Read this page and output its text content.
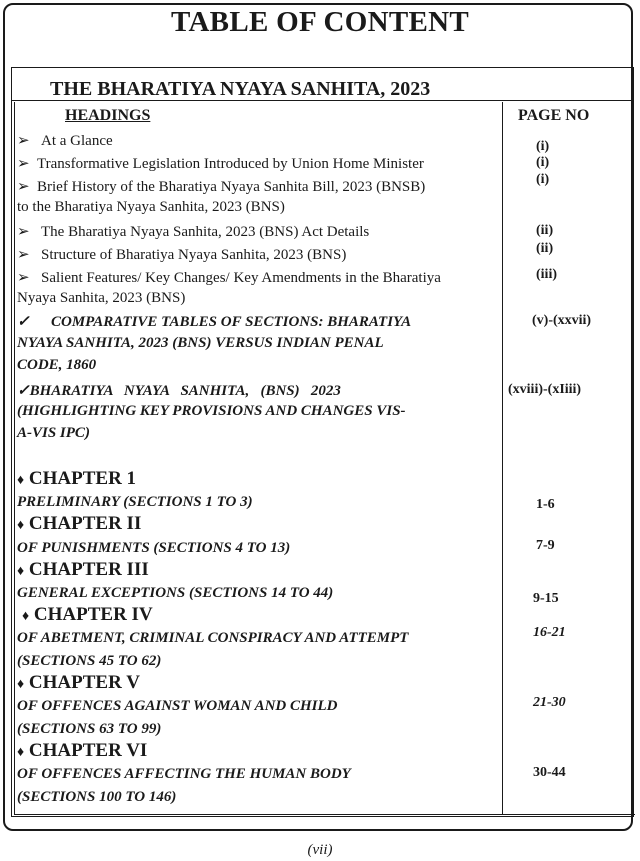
TABLE OF CONTENT
THE BHARATIYA NYAYA SANHITA, 2023
HEADINGS	PAGE NO
➢ At a Glance	(i)
➢ Transformative Legislation Introduced by Union Home Minister	(i)
➢ Brief History of the Bharatiya Nyaya Sanhita Bill, 2023 (BNSB)	(i)
to the Bharatiya Nyaya Sanhita, 2023 (BNS)
➢ The Bharatiya Nyaya Sanhita, 2023 (BNS) Act Details	(ii)
➢ Structure of Bharatiya Nyaya Sanhita, 2023 (BNS)	(ii)
➢ Salient Features/ Key Changes/ Key Amendments in the Bharatiya	(iii)
Nyaya Sanhita, 2023 (BNS)
✓ COMPARATIVE TABLES OF SECTIONS: BHARATIYA
NYAYA SANHITA, 2023 (BNS) VERSUS INDIAN PENAL
CODE, 1860
(v)-(xxvii)
✓BHARATIYA   NYAYA   SANHITA,   (BNS)   2023
(HIGHLIGHTING KEY PROVISIONS AND CHANGES VIS-
A-VIS IPC)
(xviii)-(xIiii)
♦ CHAPTER 1
PRELIMINARY (SECTIONS 1 TO 3)	1-6
♦ CHAPTER II
OF PUNISHMENTS (SECTIONS 4 TO 13)	7-9
♦ CHAPTER III
GENERAL EXCEPTIONS (SECTIONS 14 TO 44)	9-15
♦ CHAPTER IV
OF ABETMENT, CRIMINAL CONSPIRACY AND ATTEMPT
(SECTIONS 45 TO 62)
16-21
♦ CHAPTER V
OF OFFENCES AGAINST WOMAN AND CHILD
(SECTIONS 63 TO 99)
21-30
♦ CHAPTER VI
OF OFFENCES AFFECTING THE HUMAN BODY
(SECTIONS 100 TO 146)
30-44
(vii)
